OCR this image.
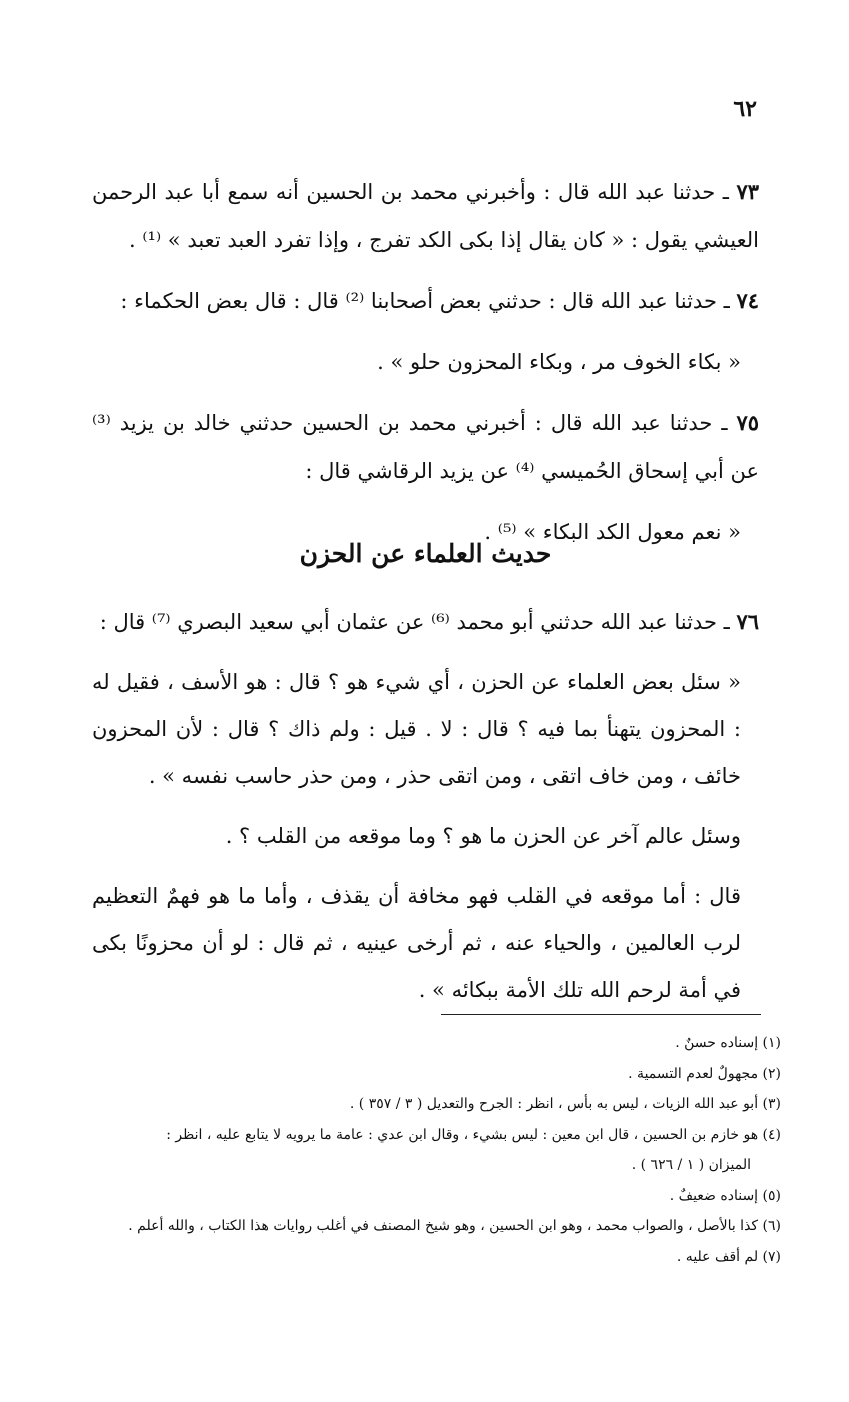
٦٢

٧٣ ـ حدثنا عبد الله قال : وأخبرني محمد بن الحسين أنه سمع أبا عبد الرحمن العيشي يقول : « كان يقال إذا بكى الكد تفرج ، وإذا تفرد العبد تعبد » ⁽¹⁾ .

٧٤ ـ حدثنا عبد الله قال : حدثني بعض أصحابنا ⁽²⁾ قال : قال بعض الحكماء :

« بكاء الخوف مر ، وبكاء المحزون حلو » .

٧٥ ـ حدثنا عبد الله قال : أخبرني محمد بن الحسين حدثني خالد بن يزيد ⁽³⁾ عن أبي إسحاق الحُميسي ⁽⁴⁾ عن يزيد الرقاشي قال :

« نعم معول الكد البكاء » ⁽⁵⁾ .

حديث العلماء عن الحزن

٧٦ ـ حدثنا عبد الله حدثني أبو محمد ⁽⁶⁾ عن عثمان أبي سعيد البصري ⁽⁷⁾ قال :

« سئل بعض العلماء عن الحزن ، أي شيء هو ؟ قال : هو الأسف ، فقيل له : المحزون يتهنأ بما فيه ؟ قال : لا . قيل : ولم ذاك ؟ قال : لأن المحزون خائف ، ومن خاف اتقى ، ومن اتقى حذر ، ومن حذر حاسب نفسه » .

وسئل عالم آخر عن الحزن ما هو ؟ وما موقعه من القلب ؟ .

قال : أما موقعه في القلب فهو مخافة أن يقذف ، وأما ما هو فهمٌ التعظيم لرب العالمين ، والحياء عنه ، ثم أرخى عينيه ، ثم قال : لو أن محزونًا بكى في أمة لرحم الله تلك الأمة ببكائه » .

(١) إسناده حسنٌ .

(٢) مجهولٌ لعدم التسمية .

(٣) أبو عبد الله الزيات ، ليس به بأس ، انظر : الجرح والتعديل ( ٣ / ٣٥٧ ) .

(٤) هو خازم بن الحسين ، قال ابن معين : ليس بشيء ، وقال ابن عدي : عامة ما يرويه لا يتابع عليه ، انظر :

الميزان ( ١ / ٦٢٦ ) .

(٥) إسناده ضعيفٌ .

(٦) كذا بالأصل ، والصواب محمد ، وهو ابن الحسين ، وهو شيخ المصنف في أغلب روايات هذا الكتاب ، والله أعلم .

(٧) لم أقف عليه .
